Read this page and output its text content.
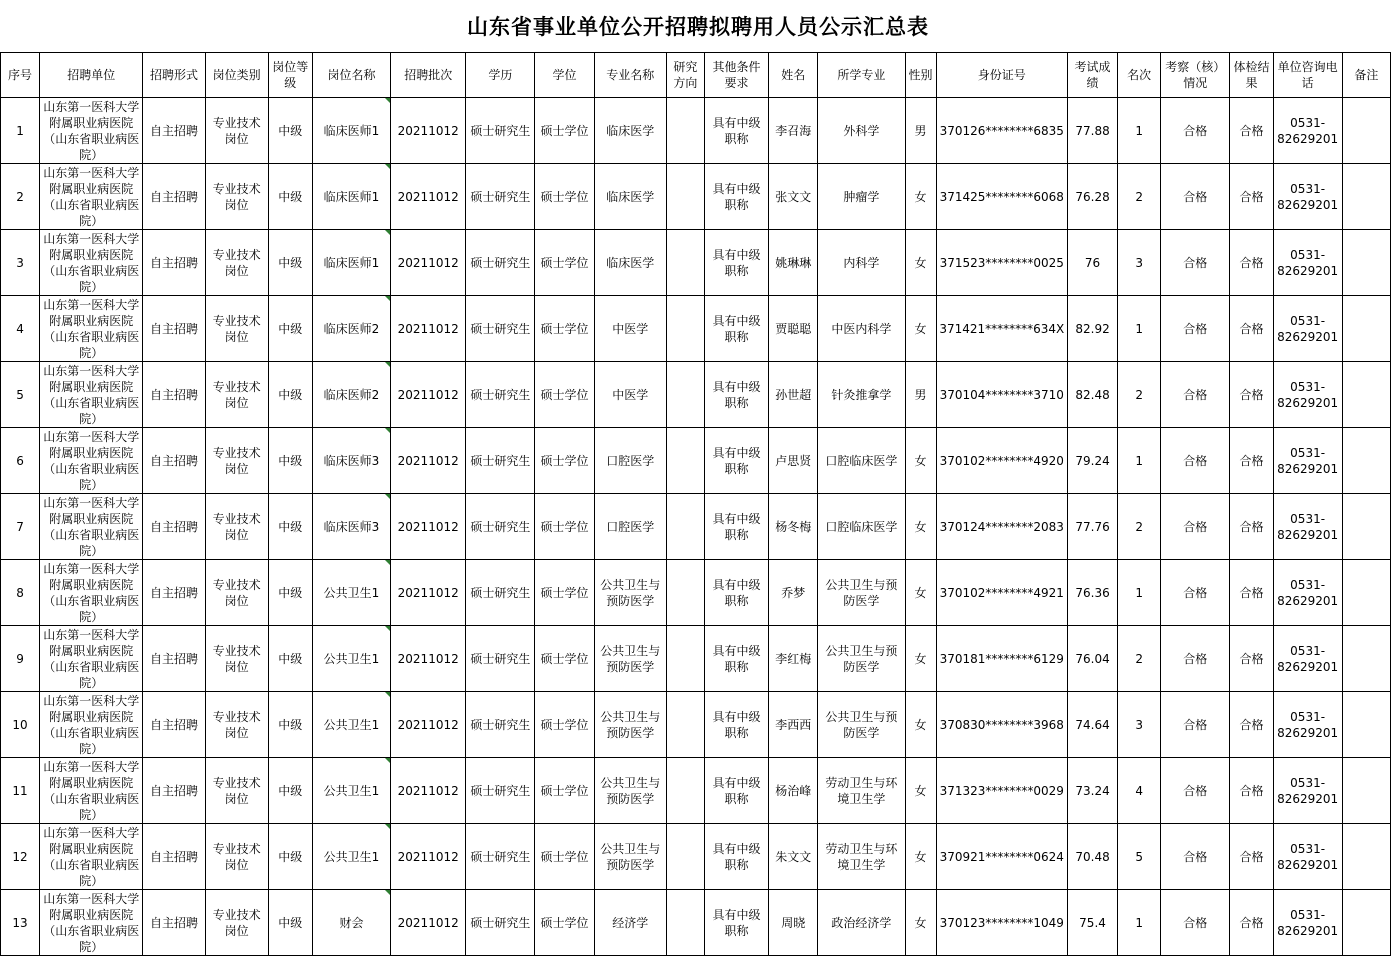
山东省事业单位公开招聘拟聘用人员公示汇总表
序号	招聘单位	招聘形式	岗位类别	岗位等级	岗位名称	招聘批次	学历	学位	专业名称	研究方向	其他条件要求	姓名	所学专业	性别	身份证号	考试成绩	名次	考察（核）情况	体检结果	单位咨询电话	备注
1	山东第一医科大学附属职业病医院（山东省职业病医院）	自主招聘	专业技术岗位	中级	临床医师1	20211012	硕士研究生	硕士学位	临床医学		具有中级职称	李召海	外科学	男	370126********6835	77.88	1	合格	合格	0531-82629201	
2	山东第一医科大学附属职业病医院（山东省职业病医院）	自主招聘	专业技术岗位	中级	临床医师1	20211012	硕士研究生	硕士学位	临床医学		具有中级职称	张文文	肿瘤学	女	371425********6068	76.28	2	合格	合格	0531-82629201	
3	山东第一医科大学附属职业病医院（山东省职业病医院）	自主招聘	专业技术岗位	中级	临床医师1	20211012	硕士研究生	硕士学位	临床医学		具有中级职称	姚琳琳	内科学	女	371523********0025	76	3	合格	合格	0531-82629201	
4	山东第一医科大学附属职业病医院（山东省职业病医院）	自主招聘	专业技术岗位	中级	临床医师2	20211012	硕士研究生	硕士学位	中医学		具有中级职称	贾聪聪	中医内科学	女	371421********634X	82.92	1	合格	合格	0531-82629201	
5	山东第一医科大学附属职业病医院（山东省职业病医院）	自主招聘	专业技术岗位	中级	临床医师2	20211012	硕士研究生	硕士学位	中医学		具有中级职称	孙世超	针灸推拿学	男	370104********3710	82.48	2	合格	合格	0531-82629201	
6	山东第一医科大学附属职业病医院（山东省职业病医院）	自主招聘	专业技术岗位	中级	临床医师3	20211012	硕士研究生	硕士学位	口腔医学		具有中级职称	卢思贤	口腔临床医学	女	370102********4920	79.24	1	合格	合格	0531-82629201	
7	山东第一医科大学附属职业病医院（山东省职业病医院）	自主招聘	专业技术岗位	中级	临床医师3	20211012	硕士研究生	硕士学位	口腔医学		具有中级职称	杨冬梅	口腔临床医学	女	370124********2083	77.76	2	合格	合格	0531-82629201	
8	山东第一医科大学附属职业病医院（山东省职业病医院）	自主招聘	专业技术岗位	中级	公共卫生1	20211012	硕士研究生	硕士学位	公共卫生与预防医学		具有中级职称	乔梦	公共卫生与预防医学	女	370102********4921	76.36	1	合格	合格	0531-82629201	
9	山东第一医科大学附属职业病医院（山东省职业病医院）	自主招聘	专业技术岗位	中级	公共卫生1	20211012	硕士研究生	硕士学位	公共卫生与预防医学		具有中级职称	李红梅	公共卫生与预防医学	女	370181********6129	76.04	2	合格	合格	0531-82629201	
10	山东第一医科大学附属职业病医院（山东省职业病医院）	自主招聘	专业技术岗位	中级	公共卫生1	20211012	硕士研究生	硕士学位	公共卫生与预防医学		具有中级职称	李西西	公共卫生与预防医学	女	370830********3968	74.64	3	合格	合格	0531-82629201	
11	山东第一医科大学附属职业病医院（山东省职业病医院）	自主招聘	专业技术岗位	中级	公共卫生1	20211012	硕士研究生	硕士学位	公共卫生与预防医学		具有中级职称	杨治峰	劳动卫生与环境卫生学	女	371323********0029	73.24	4	合格	合格	0531-82629201	
12	山东第一医科大学附属职业病医院（山东省职业病医院）	自主招聘	专业技术岗位	中级	公共卫生1	20211012	硕士研究生	硕士学位	公共卫生与预防医学		具有中级职称	朱文文	劳动卫生与环境卫生学	女	370921********0624	70.48	5	合格	合格	0531-82629201	
13	山东第一医科大学附属职业病医院（山东省职业病医院）	自主招聘	专业技术岗位	中级	财会	20211012	硕士研究生	硕士学位	经济学		具有中级职称	周晓	政治经济学	女	370123********1049	75.4	1	合格	合格	0531-82629201	
